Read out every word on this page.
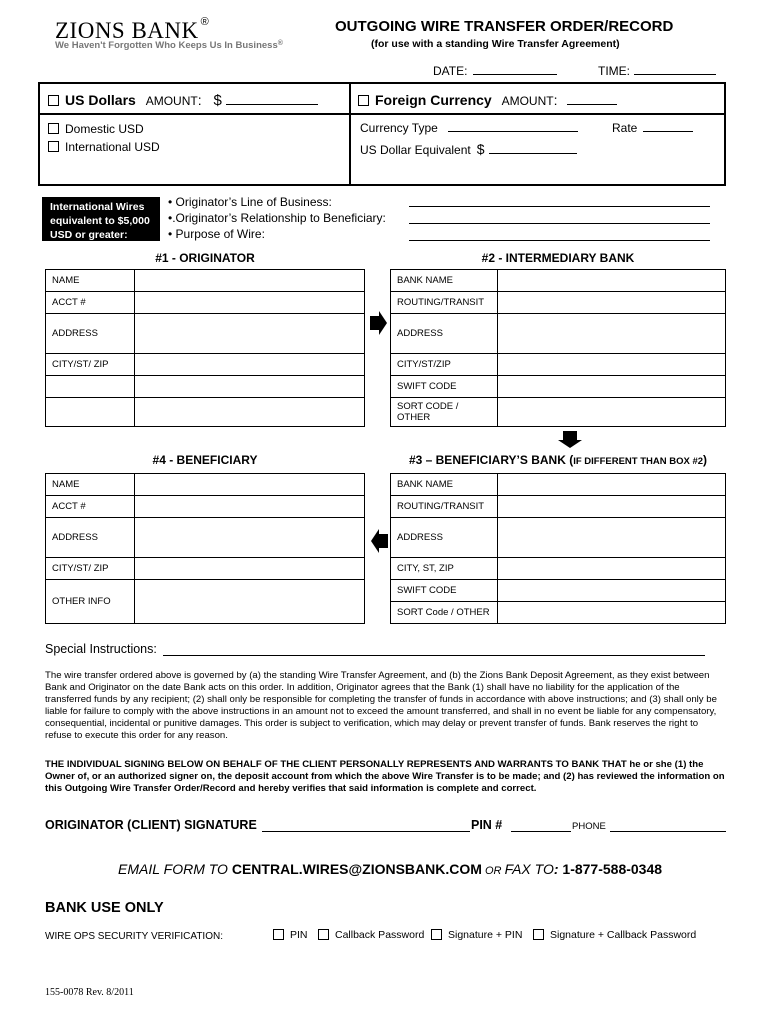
ZIONS BANK ®
We Haven't Forgotten Who Keeps Us In Business®
OUTGOING WIRE TRANSFER ORDER/RECORD
(for use with a standing Wire Transfer Agreement)
DATE:	TIME:
US Dollars AMOUNT: $	Foreign Currency AMOUNT:
Domestic USD
International USD
Currency Type	Rate
US Dollar Equivalent $
International Wires equivalent to $5,000 USD or greater:
• Originator’s Line of Business:
•.Originator’s Relationship to Beneficiary:
• Purpose of Wire:
#1 - ORIGINATOR
NAME	
ACCT #	
ADDRESS	
CITY/ST/ ZIP	

#2 - INTERMEDIARY BANK
BANK NAME	
ROUTING/TRANSIT	
ADDRESS	
CITY/ST/ZIP	
SWIFT CODE	
SORT CODE / OTHER	
#4 - BENEFICIARY
NAME	
ACCT #	
ADDRESS	
CITY/ST/ ZIP	
OTHER INFO	
#3 – BENEFICIARY’S BANK (IF DIFFERENT THAN BOX #2)
BANK NAME	
ROUTING/TRANSIT	
ADDRESS	
CITY, ST, ZIP	
SWIFT CODE	
SORT Code / OTHER	
Special Instructions:
The wire transfer ordered above is governed by (a) the standing Wire Transfer Agreement, and (b) the Zions Bank Deposit Agreement, as they exist between Bank and Originator on the date Bank acts on this order. In addition, Originator agrees that the Bank (1) shall have no liability for the application of the transferred funds by any recipient; (2) shall only be responsible for completing the transfer of funds in accordance with above instructions; and (3) shall only be liable for failure to comply with the above instructions in an amount not to exceed the amount transferred, and shall in no event be liable for any compensatory, consequential, incidental or punitive damages. This order is subject to verification, which may delay or prevent transfer of funds. Bank reserves the right to refuse to execute this order for any reason.
THE INDIVIDUAL SIGNING BELOW ON BEHALF OF THE CLIENT PERSONALLY REPRESENTS AND WARRANTS TO BANK THAT he or she (1) the Owner of, or an authorized signer on, the deposit account from which the above Wire Transfer is to be made; and (2) has reviewed the information on this Outgoing Wire Transfer Order/Record and hereby verifies that said information is complete and correct.
ORIGINATOR (CLIENT) SIGNATURE	PIN #	PHONE
EMAIL FORM TO CENTRAL.WIRES@ZIONSBANK.COM OR FAX TO: 1-877-588-0348
BANK USE ONLY
WIRE OPS SECURITY VERIFICATION:	PIN	Callback Password	Signature + PIN	Signature + Callback Password
155-0078 Rev. 8/2011
